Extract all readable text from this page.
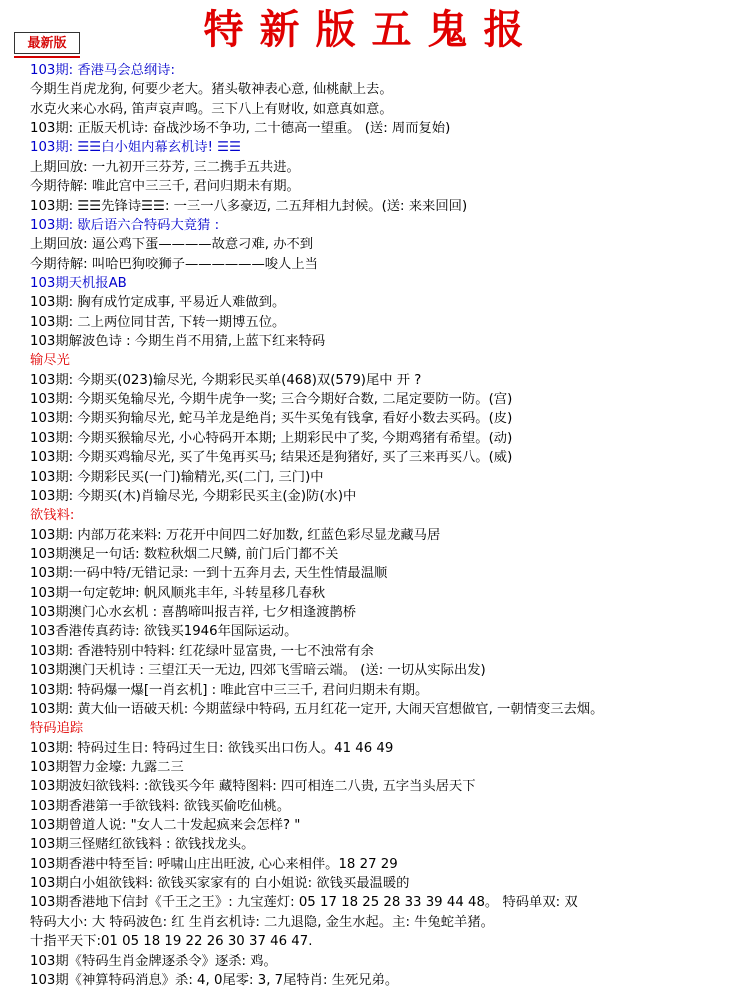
最新版	特新版五鬼报
103期: 香港马会总纲诗:
今期生肖虎龙狗, 何要少老大。猪头敬神表心意, 仙桃献上去。
水克火来心水码, 笛声哀声鸣。三下八上有财收, 如意真如意。
103期: 正版天机诗: 奋战沙场不争功, 二十德高一望重。 (送: 周而复始)
103期: ☰☰白小姐内幕玄机诗! ☰☰
上期回放: 一九初开三芬芳, 三二携手五共进。
今期待解: 唯此宫中三三千, 君问归期未有期。
103期: ☰☰先锋诗☰☰: 一三一八多豪迈, 二五拜相九封候。(送: 来来回回)
103期: 歇后语六合特码大竟猜 :
上期回放: 逼公鸡下蛋————故意刁难, 办不到
今期待解: 叫哈巴狗咬狮子——————唆人上当
103期天机报AB
103期: 胸有成竹定成事, 平易近人难做到。
103期: 二上两位同甘苦, 下转一期博五位。
103期解波色诗 : 今期生肖不用猜,上蓝下红来特码
输尽光
103期: 今期买(023)输尽光, 今期彩民买单(468)双(579)尾中 开 ?
103期: 今期买兔输尽光, 今期牛虎争一奖; 三合今期好合数, 二尾定要防一防。(宫)
103期: 今期买狗输尽光, 蛇马羊龙是绝肖; 买牛买兔有钱拿, 看好小数去买码。(皮)
103期: 今期买猴输尽光, 小心特码开本期; 上期彩民中了奖, 今期鸡猪有希望。(动)
103期: 今期买鸡输尽光, 买了牛兔再买马; 结果还是狗猪好, 买了三来再买八。(威)
103期: 今期彩民买(一门)输精光,买(二门, 三门)中
103期: 今期买(木)肖输尽光, 今期彩民买主(金)防(水)中
欲钱料:
103期: 内部万花来料: 万花开中间四二好加数, 红蓝色彩尽显龙藏马居
103期澳足一句话: 数粒秋烟二尺鳞, 前门后门都不关
103期:一码中特/无错记录: 一到十五奔月去, 天生性情最温顺
103期一句定乾坤: 帆风顺兆丰年, 斗转星移几春秋
103期澳门心水玄机 : 喜鹊啼叫报吉祥, 七夕相逢渡鹊桥
103香港传真药诗: 欲钱买1946年国际运动。
103期: 香港特别中特料: 红花绿叶显富贵, 一七不浊常有余
103期澳门天机诗 : 三望江天一无边, 四郊飞雪暗云端。 (送: 一切从实际出发)
103期: 特码爆一爆[一肖玄机] : 唯此宫中三三千, 君问归期未有期。
103期: 黄大仙一语破天机: 今期蓝绿中特码, 五月红花一定开, 大闹天宫想做官, 一朝情变三去烟。
特码追踪
103期: 特码过生日: 特码过生日: 欲钱买出口伤人。41 46 49
103期智力金壕: 九露二三
103期波妇欲钱料: :欲钱买今年 藏特图料: 四可相连二八贵, 五字当头居天下
103期香港第一手欲钱料: 欲钱买偷吃仙桃。
103期曾道人说: "女人二十发起疯来会怎样? "
103期三怪赌红欲钱料 : 欲钱找龙头。
103期香港中特至旨: 呼啸山庄出旺波, 心心来相伴。18 27 29
103期白小姐欲钱料: 欲钱买家家有的 白小姐说: 欲钱买最温暖的
103期香港地下信封《千王之王》: 九宝莲灯: 05 17 18 25 28 33 39 44 48。 特码单双: 双
特码大小: 大 特码波色: 红 生肖玄机诗: 二九退隐, 金生水起。主: 牛兔蛇羊猪。
十指平天下:01 05 18 19 22 26 30 37 46 47.
103期《特码生肖金牌逐杀令》逐杀: 鸡。
103期《神算特码消息》杀: 4, 0尾零: 3, 7尾特肖: 生死兄弟。
